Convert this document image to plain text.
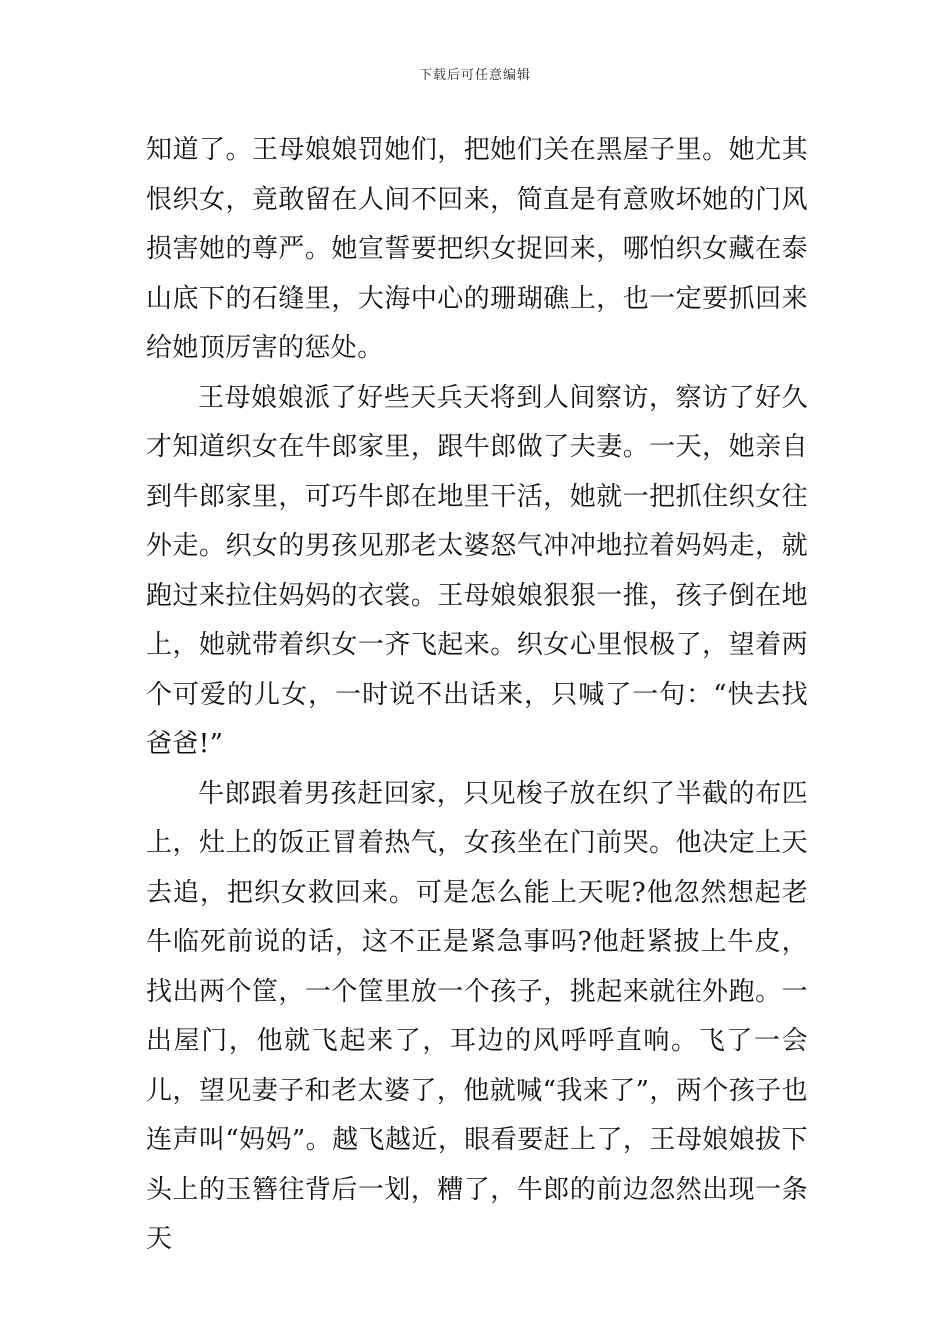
下载后可任意编辑

知道了。王母娘娘罚她们，把她们关在黑屋子里。她尤其恨织女，竟敢留在人间不回来，简直是有意败坏她的门风损害她的尊严。她宣誓要把织女捉回来，哪怕织女藏在泰山底下的石缝里，大海中心的珊瑚礁上，也一定要抓回来给她顶厉害的惩处。

王母娘娘派了好些天兵天将到人间察访，察访了好久才知道织女在牛郎家里，跟牛郎做了夫妻。一天，她亲自到牛郎家里，可巧牛郎在地里干活，她就一把抓住织女往外走。织女的男孩见那老太婆怒气冲冲地拉着妈妈走，就跑过来拉住妈妈的衣裳。王母娘娘狠狠一推，孩子倒在地上，她就带着织女一齐飞起来。织女心里恨极了，望着两个可爱的儿女，一时说不出话来，只喊了一句：“快去找爸爸!”

牛郎跟着男孩赶回家，只见梭子放在织了半截的布匹上，灶上的饭正冒着热气，女孩坐在门前哭。他决定上天去追，把织女救回来。可是怎么能上天呢?他忽然想起老牛临死前说的话，这不正是紧急事吗?他赶紧披上牛皮，找出两个筐，一个筐里放一个孩子，挑起来就往外跑。一出屋门，他就飞起来了，耳边的风呼呼直响。飞了一会儿，望见妻子和老太婆了，他就喊“我来了”，两个孩子也连声叫“妈妈”。越飞越近，眼看要赶上了，王母娘娘拔下头上的玉簪往背后一划，糟了，牛郎的前边忽然出现一条天
